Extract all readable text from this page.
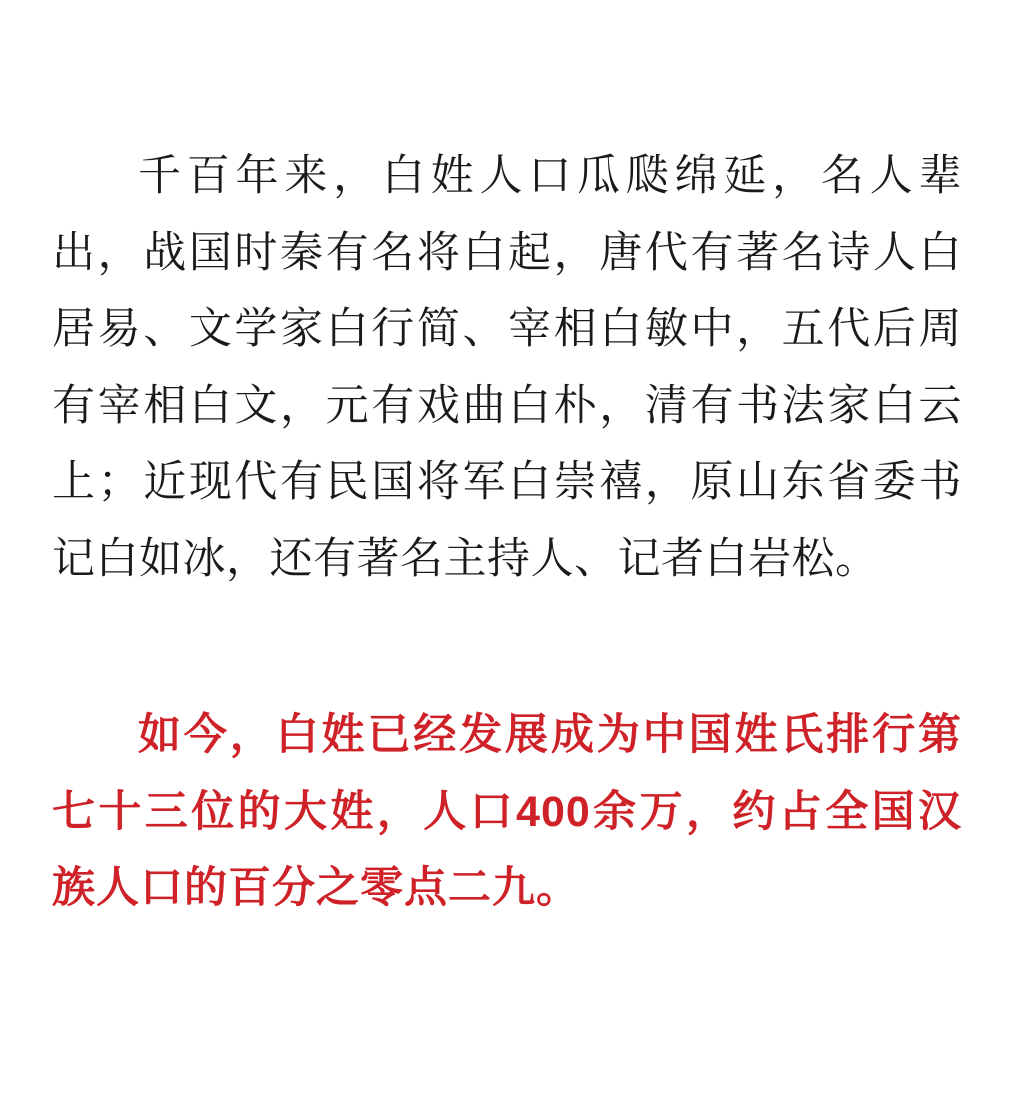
千百年来，白姓人口瓜瓞绵延，名人辈出，战国时秦有名将白起，唐代有著名诗人白居易、文学家白行简、宰相白敏中，五代后周有宰相白文，元有戏曲白朴，清有书法家白云上；近现代有民国将军白崇禧，原山东省委书记白如冰，还有著名主持人、记者白岩松。

如今，白姓已经发展成为中国姓氏排行第七十三位的大姓，人口400余万，约占全国汉族人口的百分之零点二九。
